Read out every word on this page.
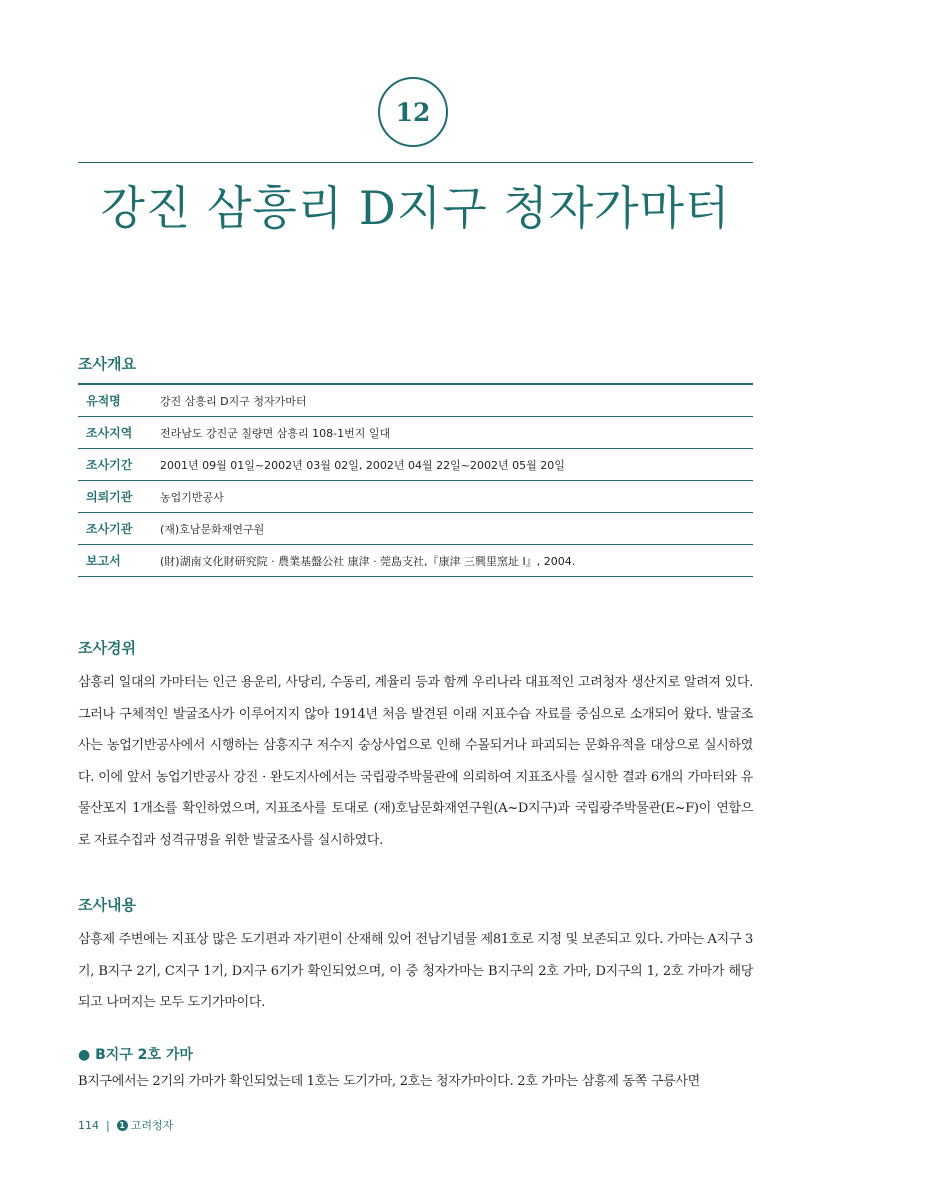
12
강진 삼흥리 D지구 청자가마터
조사개요
유적명	강진 삼흥리 D지구 청자가마터
조사지역	전라남도 강진군 칠량면 삼흥리 108-1번지 일대
조사기간	2001년 09월 01일~2002년 03월 02일, 2002년 04월 22일~2002년 05월 20일
의뢰기관	농업기반공사
조사기관	(재)호남문화재연구원
보고서	(財)湖南文化財研究院 · 農業基盤公社 康津 · 莞島支社,『康津 三興里窯址 Ⅰ』, 2004.
조사경위

삼흥리 일대의 가마터는 인근 용운리, 사당리, 수동리, 계율리 등과 함께 우리나라 대표적인 고려청자 생산지로 알려져 있다. 그러나 구체적인 발굴조사가 이루어지지 않아 1914년 처음 발견된 이래 지표수습 자료를 중심으로 소개되어 왔다. 발굴조사는 농업기반공사에서 시행하는 삼흥지구 저수지 숭상사업으로 인해 수몰되거나 파괴되는 문화유적을 대상으로 실시하였다. 이에 앞서 농업기반공사 강진 · 완도지사에서는 국립광주박물관에 의뢰하여 지표조사를 실시한 결과 6개의 가마터와 유물산포지 1개소를 확인하였으며, 지표조사를 토대로 (재)호남문화재연구원(A~D지구)과 국립광주박물관(E~F)이 연합으로 자료수집과 성격규명을 위한 발굴조사를 실시하였다.

조사내용

삼흥제 주변에는 지표상 많은 도기편과 자기편이 산재해 있어 전남기념물 제81호로 지정 및 보존되고 있다. 가마는 A지구 3기, B지구 2기, C지구 1기, D지구 6기가 확인되었으며, 이 중 청자가마는 B지구의 2호 가마, D지구의 1, 2호 가마가 해당되고 나머지는 모두 도기가마이다.

● B지구 2호 가마

B지구에서는 2기의 가마가 확인되었는데 1호는 도기가마, 2호는 청자가마이다. 2호 가마는 삼흥제 동쪽 구릉사면

114 |	1 고려청자
